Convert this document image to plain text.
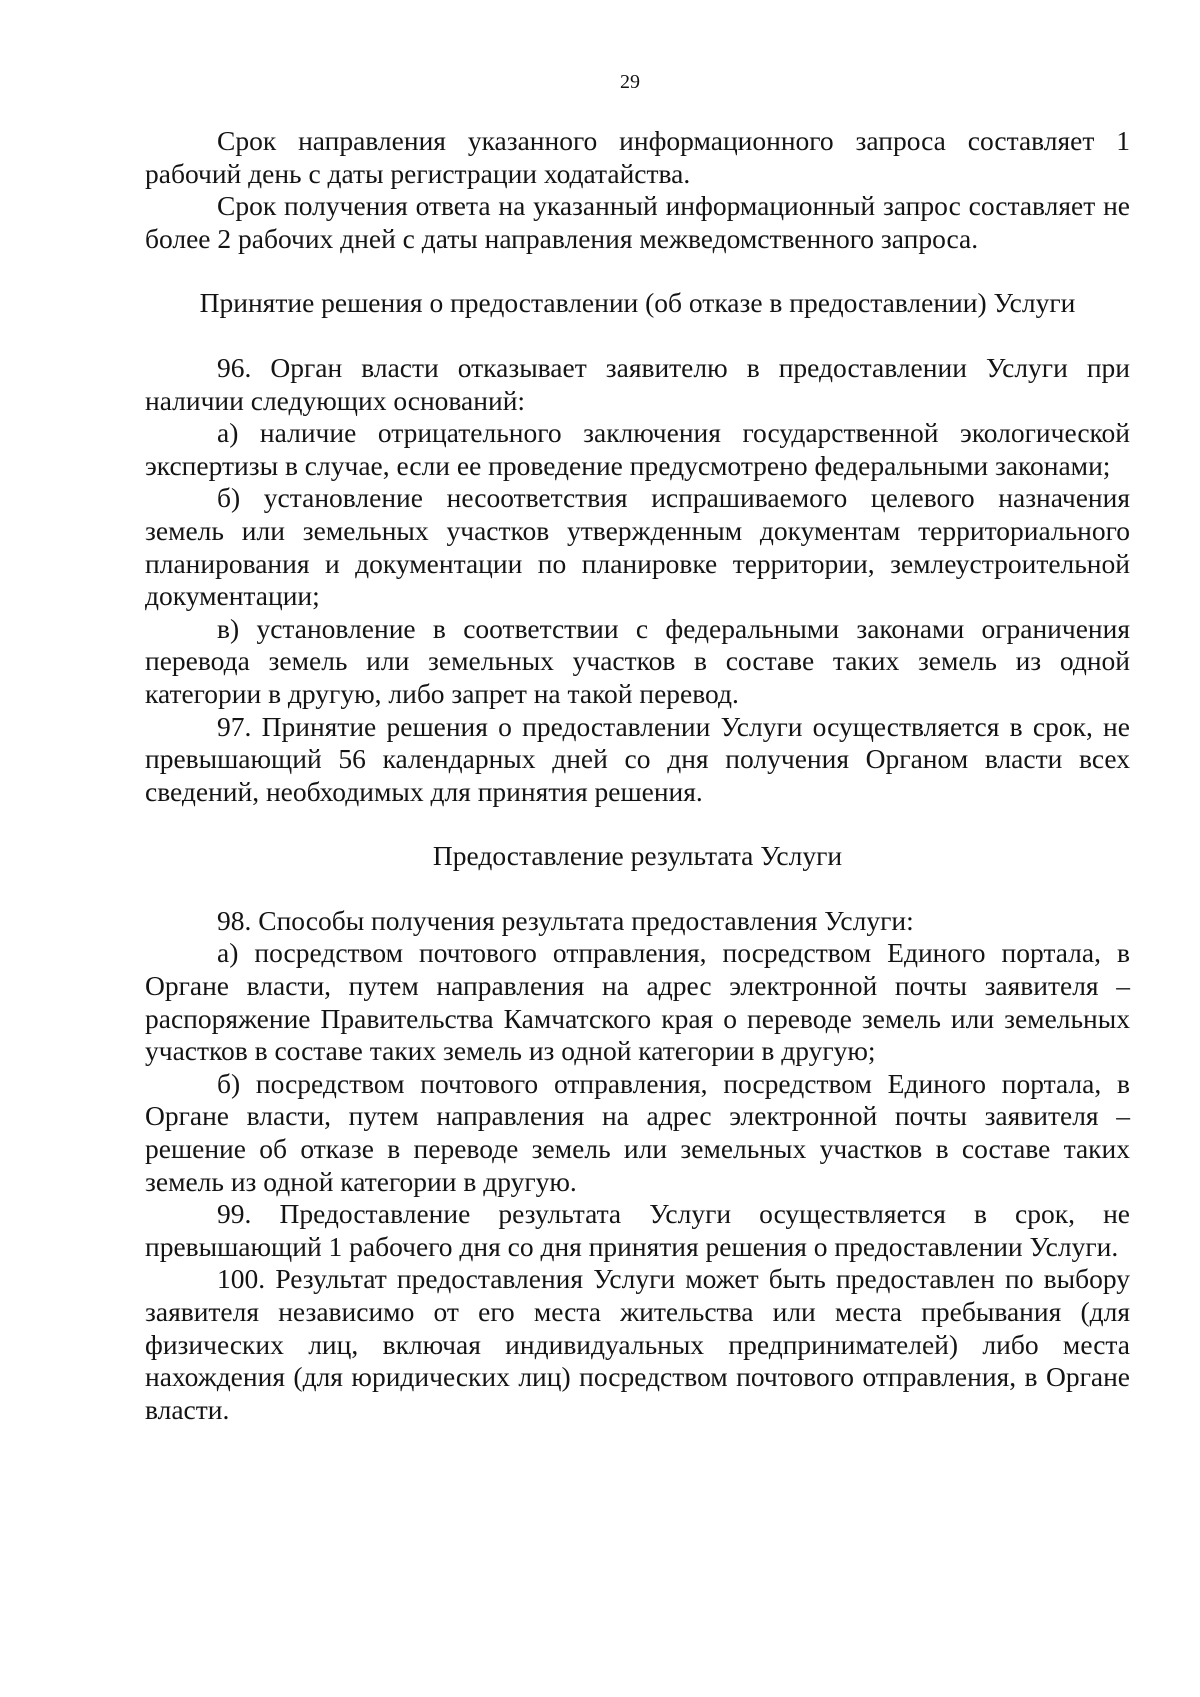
29

Срок направления указанного информационного запроса составляет 1 рабочий день с даты регистрации ходатайства.

Срок получения ответа на указанный информационный запрос составляет не более 2 рабочих дней с даты направления межведомственного запроса.

Принятие решения о предоставлении (об отказе в предоставлении) Услуги

96. Орган власти отказывает заявителю в предоставлении Услуги при наличии следующих оснований:

а) наличие отрицательного заключения государственной экологической экспертизы в случае, если ее проведение предусмотрено федеральными законами;

б) установление несоответствия испрашиваемого целевого назначения земель или земельных участков утвержденным документам территориального планирования и документации по планировке территории, землеустроительной документации;

в) установление в соответствии с федеральными законами ограничения перевода земель или земельных участков в составе таких земель из одной категории в другую, либо запрет на такой перевод.

97. Принятие решения о предоставлении Услуги осуществляется в срок, не превышающий 56 календарных дней со дня получения Органом власти всех сведений, необходимых для принятия решения.

Предоставление результата Услуги

98. Способы получения результата предоставления Услуги:

а) посредством почтового отправления, посредством Единого портала, в Органе власти, путем направления на адрес электронной почты заявителя – распоряжение Правительства Камчатского края о переводе земель или земельных участков в составе таких земель из одной категории в другую;

б) посредством почтового отправления, посредством Единого портала, в Органе власти, путем направления на адрес электронной почты заявителя – решение об отказе в переводе земель или земельных участков в составе таких земель из одной категории в другую.

99. Предоставление результата Услуги осуществляется в срок, не превышающий 1 рабочего дня со дня принятия решения о предоставлении Услуги.

100. Результат предоставления Услуги может быть предоставлен по выбору заявителя независимо от его места жительства или места пребывания (для физических лиц, включая индивидуальных предпринимателей) либо места нахождения (для юридических лиц) посредством почтового отправления, в Органе власти.
